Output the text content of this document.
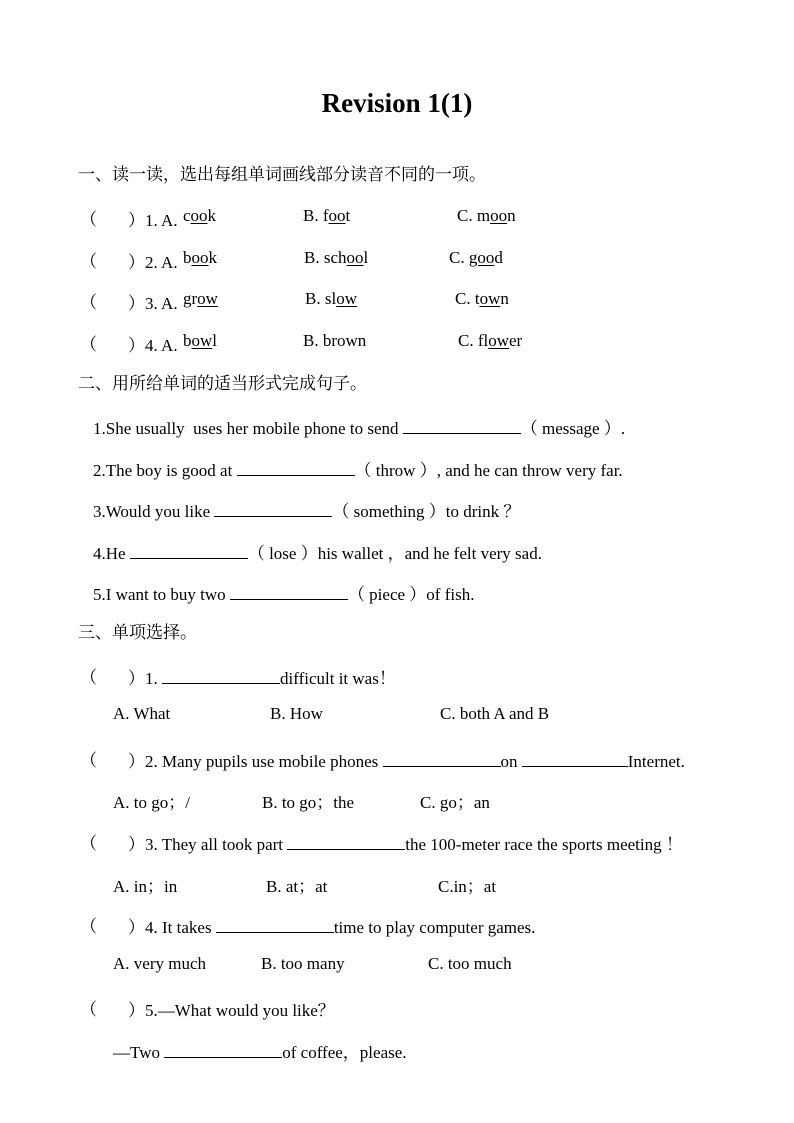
Revision 1(1)
一、读一读，选出每组单词画线部分读音不同的一项。
（ ）1. A. cook	B. foot	C. moon
（ ）2. A. book	B. school	C. good
（ ）3. A. grow	B. slow	C. town
（ ）4. A. bowl	B. brown	C. flower
二、用所给单词的适当形式完成句子。
1.She usually  uses her mobile phone to send	（ message ）.
2.The boy is good at	（ throw ）, and he can throw very far.
3.Would you like	（ something ）to drink ？
4.He	（ lose ）his wallet ，and he felt very sad.
5.I want to buy two	（ piece ）of fish.
三、单项选择。
（ ）1.	difficult it was！
A. What	B. How	C. both A and B
（ ）2. Many pupils use mobile phones	on	Internet.
A. to go；/	B. to go；the	C. go；an
（ ）3. They all took part	the 100-meter race the sports meeting ！
A. in；in	B. at；at	C.in；at
（ ）4. It takes	time to play computer games.
A. very much	B. too many	C. too much
（ ）5.—What would you like？
—Two	of coffee，please.
